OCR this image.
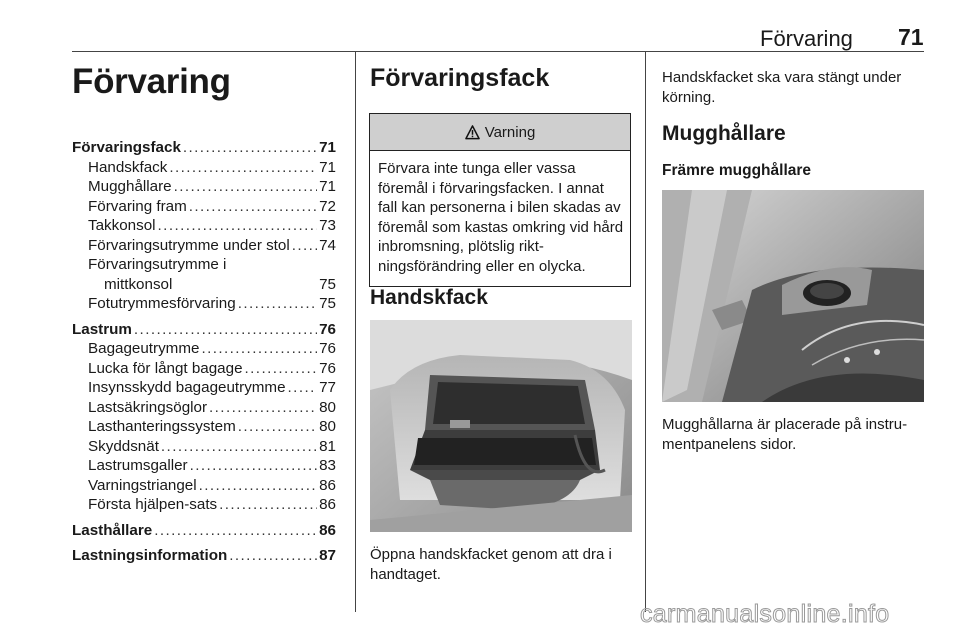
Förvaring 71
Förvaring
Förvaringsfack . . .	71
Handskfack . . .	71
Mugghållare . . .	71
Förvaring fram . . .	72
Takkonsol . . .	73
Förvaringsutrymme under stol . . . 74
Förvaringsutrymme i
mittkonsol	75
Fotutrymmesförvaring . . .	75
Lastrum . . .	76
Bagageutrymme . . .	76
Lucka för långt bagage . . .	76
Insynsskydd bagageutrymme . . . 77
Lastsäkringsöglor . . .	80
Lasthanteringssystem . . .	80
Skyddsnät . . .	81
Lastrumsgaller . . .	83
Varningstriangel . . .	86
Första hjälpen-sats . . .	86
Lasthållare . . .	86
Lastningsinformation . . .	87
Förvaringsfack
Varning
Förvara inte tunga eller vassa föremål i förvaringsfacken. I annat fall kan personerna i bilen skadas av föremål som kastas omkring vid hård inbromsning, plötslig riktningsförändring eller en olycka.
Handskfack
Öppna handskfacket genom att dra i handtaget.
Handskfacket ska vara stängt under körning.
Mugghållare
Främre mugghållare
Mugghållarna är placerade på instrumentpanelens sidor.
carmanualsonline.info
